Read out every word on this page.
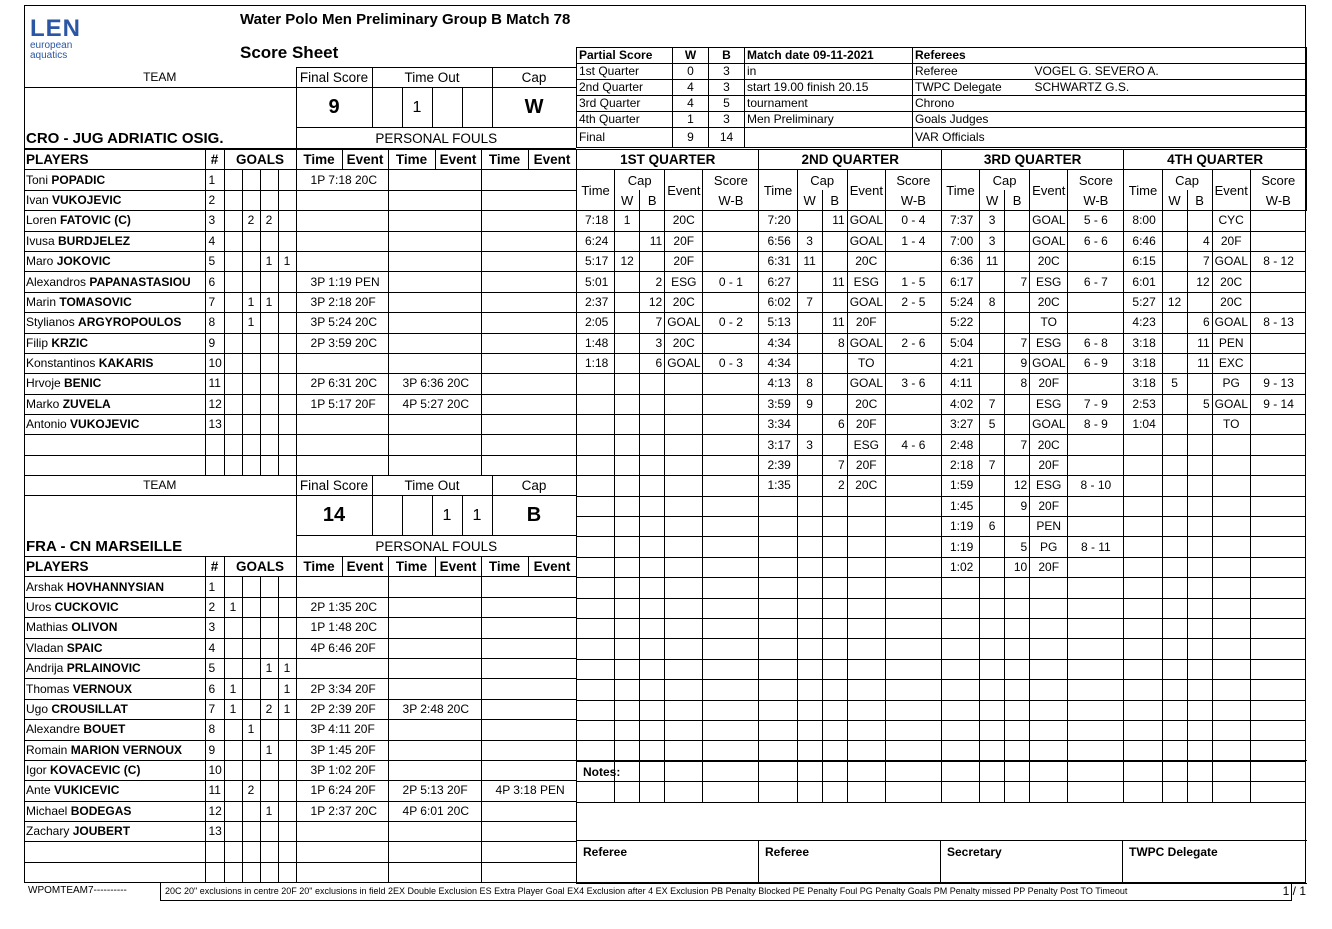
LEN
european
aquatics
Water Polo Men Preliminary Group B Match 78
Score Sheet	Partial Score	W	B	Match date 09-11-2021	Referees	
1st Quarter	0	3	in	Referee	VOGEL G. SEVERO A.
2nd Quarter	4	3	start 19.00 finish 20.15	TWPC Delegate	SCHWARTZ G.S.
3rd Quarter	4	5	tournament	Chrono	
4th Quarter	1	3	Men Preliminary	Goals Judges	
Final	9	14		VAR Officials	
TEAM	Final Score	Time Out				Cap
CRO - JUG ADRIATIC OSIG.	9		1			W
	PERSONAL FOULS					
PLAYERS	#	GOALS				Time	Event	Time	Event	Time	Event
Toni POPADIC	1					1P 7:18 20C					
Ivan VUKOJEVIC	2										
Loren FATOVIC (C)	3		2	2							
Ivusa BURDJELEZ	4										
Maro JOKOVIC	5			1	1						
Alexandros PAPANASTASIOU	6					3P 1:19 PEN					
Marin TOMASOVIC	7		1	1		3P 2:18 20F					
Stylianos ARGYROPOULOS	8		1			3P 5:24 20C					
Filip KRZIC	9					2P 3:59 20C					
Konstantinos KAKARIS	10										
Hrvoje BENIC	11					2P 6:31 20C		3P 6:36 20C			
Marko ZUVELA	12					1P 5:17 20F		4P 5:27 20C			
Antonio VUKOJEVIC	13										

TEAM	Final Score	Time Out				Cap
FRA - CN MARSEILLE	14			1	1	B
	PERSONAL FOULS					
PLAYERS	#	GOALS				Time	Event	Time	Event	Time	Event
Arshak HOVHANNYSIAN	1										
Uros CUCKOVIC	2	1				2P 1:35 20C					
Mathias OLIVON	3					1P 1:48 20C					
Vladan SPAIC	4					4P 6:46 20F					
Andrija PRLAINOVIC	5			1	1						
Thomas VERNOUX	6	1			1	2P 3:34 20F					
Ugo CROUSILLAT	7	1		2	1	2P 2:39 20F		3P 2:48 20C			
Alexandre BOUET	8		1			3P 4:11 20F					
Romain MARION VERNOUX	9			1		3P 1:45 20F					
Igor KOVACEVIC (C)	10					3P 1:02 20F					
Ante VUKICEVIC	11		2			1P 6:24 20F		2P 5:13 20F		4P 3:18 PEN	
Michael BODEGAS	12			1		1P 2:37 20C		4P 6:01 20C			
Zachary JOUBERT	13										

1ST QUARTER					2ND QUARTER					3RD QUARTER					4TH QUARTER				
Time	Cap		Event	Score	Time	Cap		Event	Score	Time	Cap		Event	Score	Time	Cap		Event	Score
	W	B		W-B		W	B		W-B		W	B		W-B		W	B		W-B
7:18	1		20C		7:20		11	GOAL	0 - 4	7:37	3		GOAL	5 - 6	8:00			CYC	
6:24		11	20F		6:56	3		GOAL	1 - 4	7:00	3		GOAL	6 - 6	6:46		4	20F	
5:17	12		20F		6:31	11		20C		6:36	11		20C		6:15		7	GOAL	8 - 12
5:01		2	ESG	0 - 1	6:27		11	ESG	1 - 5	6:17		7	ESG	6 - 7	6:01		12	20C	
2:37		12	20C		6:02	7		GOAL	2 - 5	5:24	8		20C		5:27	12		20C	
2:05		7	GOAL	0 - 2	5:13		11	20F		5:22			TO		4:23		6	GOAL	8 - 13
1:48		3	20C		4:34		8	GOAL	2 - 6	5:04		7	ESG	6 - 8	3:18		11	PEN	
1:18		6	GOAL	0 - 3	4:34			TO		4:21		9	GOAL	6 - 9	3:18		11	EXC	
					4:13	8		GOAL	3 - 6	4:11		8	20F		3:18	5		PG	9 - 13
					3:59	9		20C		4:02	7		ESG	7 - 9	2:53		5	GOAL	9 - 14
					3:34		6	20F		3:27	5		GOAL	8 - 9	1:04			TO	
					3:17	3		ESG	4 - 6	2:48		7	20C						
					2:39		7	20F		2:18	7		20F						
					1:35		2	20C		1:59		12	ESG	8 - 10					
										1:45		9	20F						
										1:19	6		PEN						
										1:19		5	PG	8 - 11					
										1:02		10	20F						

Notes:
Referee	Referee	Secretary	TWPC Delegate
WPOMTEAM7----------	20C 20" exclusions in centre 20F 20" exclusions in field 2EX Double Exclusion ES Extra Player Goal EX4 Exclusion after 4 EX Exclusion PB Penalty Blocked PE Penalty Foul PG Penalty Goals PM Penalty missed PP Penalty Post TO Timeout	1 / 1
